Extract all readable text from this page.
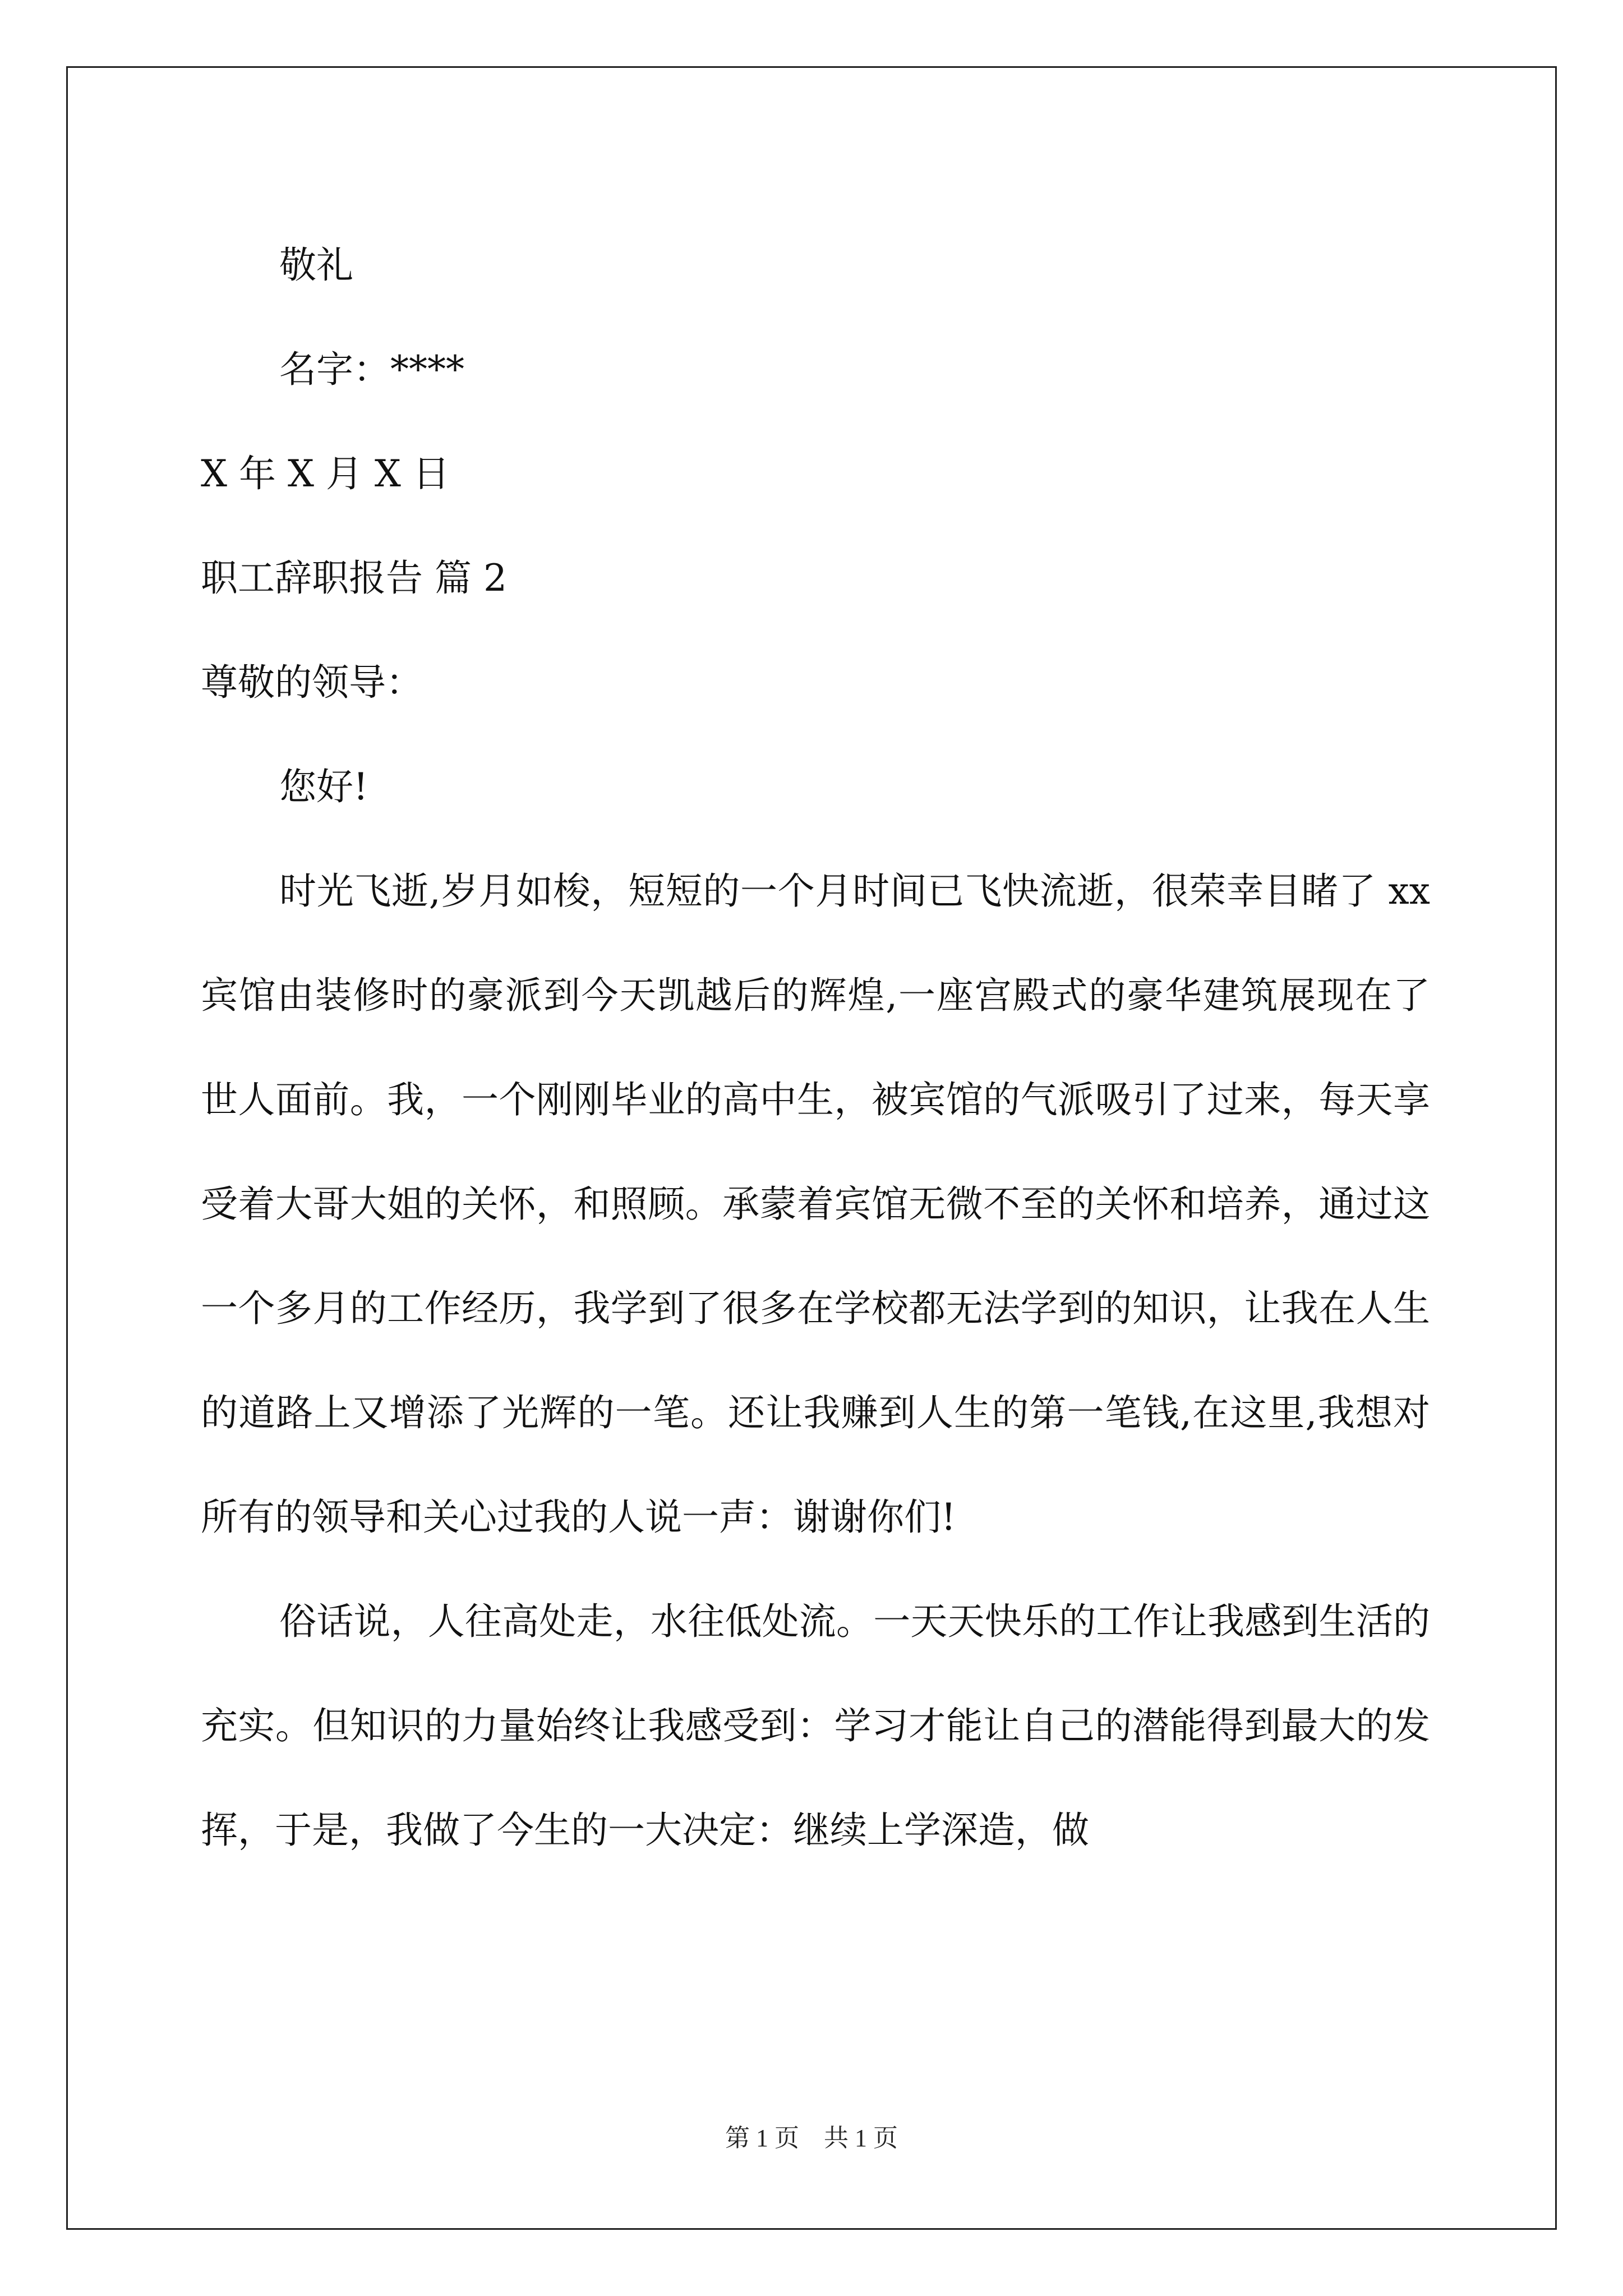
敬礼
名字：****
X 年 X 月 X 日
职工辞职报告 篇 2
尊敬的领导：
您好!

时光飞逝,岁月如梭，短短的一个月时间已飞快流逝，很荣幸目睹了 xx 宾馆由装修时的豪派到今天凯越后的辉煌,一座宫殿式的豪华建筑展现在了世人面前。我，一个刚刚毕业的高中生，被宾馆的气派吸引了过来，每天享受着大哥大姐的关怀，和照顾。承蒙着宾馆无微不至的关怀和培养，通过这一个多月的工作经历，我学到了很多在学校都无法学到的知识，让我在人生的道路上又增添了光辉的一笔。还让我赚到人生的第一笔钱,在这里,我想对所有的领导和关心过我的人说一声：谢谢你们!

俗话说，人往高处走，水往低处流。一天天快乐的工作让我感到生活的充实。但知识的力量始终让我感受到：学习才能让自己的潜能得到最大的发挥，于是，我做了今生的一大决定：继续上学深造，做

第 1 页　共 1 页
